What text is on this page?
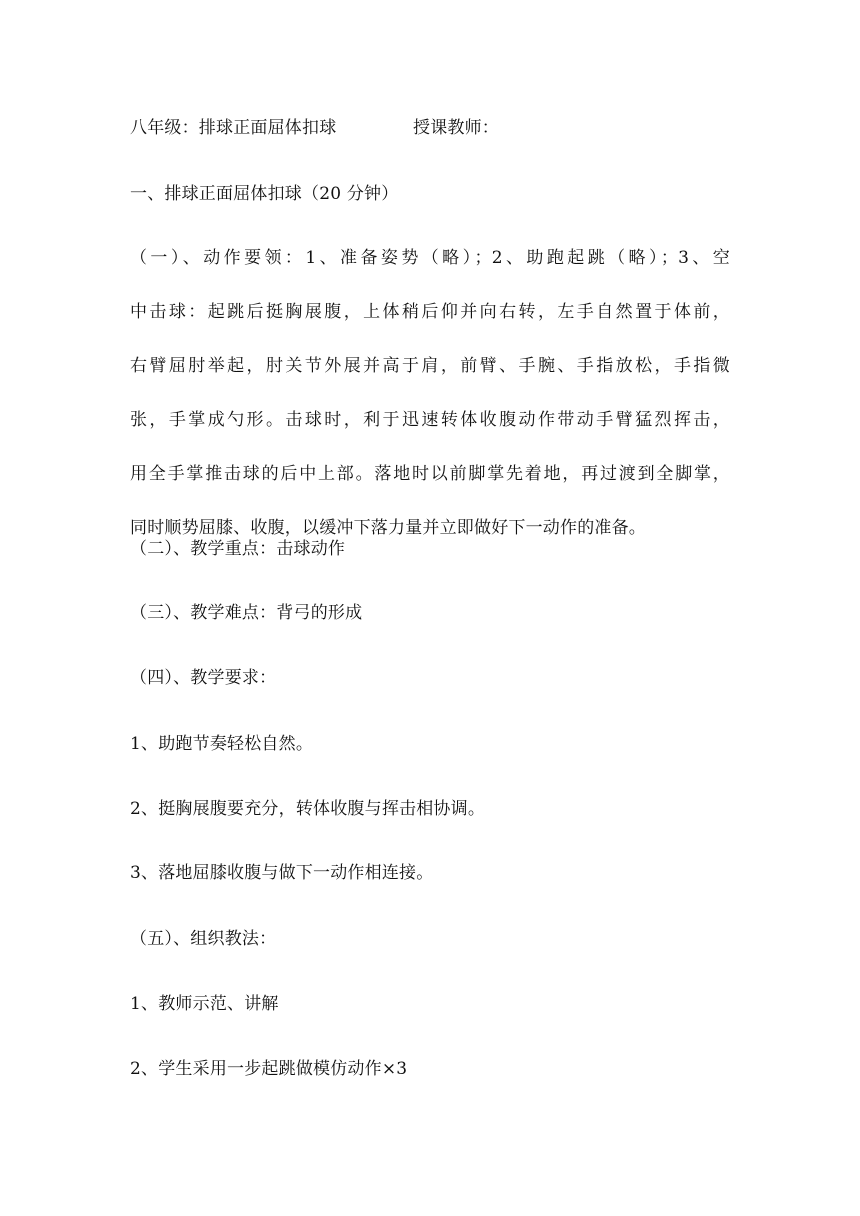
八年级：排球正面屈体扣球	授课教师：
一、排球正面屈体扣球（20 分钟）
（一）、动作要领：1、准备姿势（略）；2、助跑起跳（略）；3、空
中击球：起跳后挺胸展腹，上体稍后仰并向右转，左手自然置于体前，
右臂屈肘举起，肘关节外展并高于肩，前臂、手腕、手指放松，手指微
张，手掌成勺形。击球时，利于迅速转体收腹动作带动手臂猛烈挥击，
用全手掌推击球的后中上部。落地时以前脚掌先着地，再过渡到全脚掌，
同时顺势屈膝、收腹，以缓冲下落力量并立即做好下一动作的准备。
（二）、教学重点：击球动作
（三）、教学难点：背弓的形成
（四）、教学要求：
1、助跑节奏轻松自然。
2、挺胸展腹要充分，转体收腹与挥击相协调。
3、落地屈膝收腹与做下一动作相连接。
（五）、组织教法：
1、教师示范、讲解
2、学生采用一步起跳做模仿动作×3
